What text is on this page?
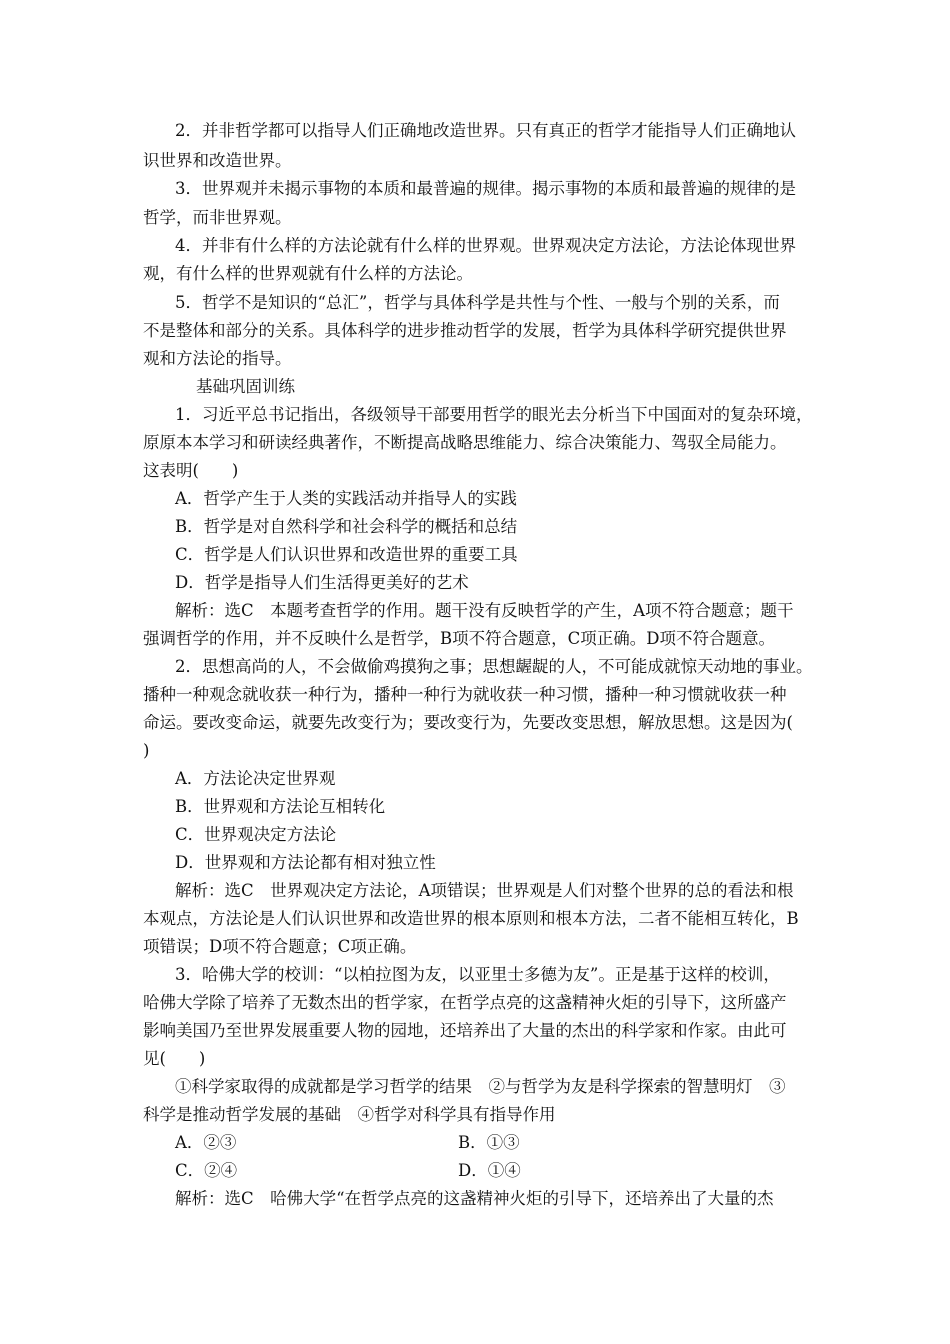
2．并非哲学都可以指导人们正确地改造世界。只有真正的哲学才能指导人们正确地认
识世界和改造世界。
3．世界观并未揭示事物的本质和最普遍的规律。揭示事物的本质和最普遍的规律的是
哲学，而非世界观。
4．并非有什么样的方法论就有什么样的世界观。世界观决定方法论，方法论体现世界
观，有什么样的世界观就有什么样的方法论。
5．哲学不是知识的“总汇”，哲学与具体科学是共性与个性、一般与个别的关系，而
不是整体和部分的关系。具体科学的进步推动哲学的发展，哲学为具体科学研究提供世界
观和方法论的指导。
基础巩固训练
1．习近平总书记指出，各级领导干部要用哲学的眼光去分析当下中国面对的复杂环境，
原原本本学习和研读经典著作，不断提高战略思维能力、综合决策能力、驾驭全局能力。
这表明(　　)
A．哲学产生于人类的实践活动并指导人的实践
B．哲学是对自然科学和社会科学的概括和总结
C．哲学是人们认识世界和改造世界的重要工具
D．哲学是指导人们生活得更美好的艺术
解析：选C　本题考查哲学的作用。题干没有反映哲学的产生，A项不符合题意；题干
强调哲学的作用，并不反映什么是哲学，B项不符合题意，C项正确。D项不符合题意。
2．思想高尚的人，不会做偷鸡摸狗之事；思想龌龊的人，不可能成就惊天动地的事业。
播种一种观念就收获一种行为，播种一种行为就收获一种习惯，播种一种习惯就收获一种
命运。要改变命运，就要先改变行为；要改变行为，先要改变思想，解放思想。这是因为(
)
A．方法论决定世界观
B．世界观和方法论互相转化
C．世界观决定方法论
D．世界观和方法论都有相对独立性
解析：选C　世界观决定方法论，A项错误；世界观是人们对整个世界的总的看法和根
本观点，方法论是人们认识世界和改造世界的根本原则和根本方法，二者不能相互转化，B
项错误；D项不符合题意；C项正确。
3．哈佛大学的校训：“以柏拉图为友，以亚里士多德为友”。正是基于这样的校训，
哈佛大学除了培养了无数杰出的哲学家，在哲学点亮的这盏精神火炬的引导下，这所盛产
影响美国乃至世界发展重要人物的园地，还培养出了大量的杰出的科学家和作家。由此可
见(　　)
①科学家取得的成就都是学习哲学的结果　②与哲学为友是科学探索的智慧明灯　③
科学是推动哲学发展的基础　④哲学对科学具有指导作用
A．②③	B．①③
C．②④	D．①④
解析：选C　哈佛大学“在哲学点亮的这盏精神火炬的引导下，还培养出了大量的杰
